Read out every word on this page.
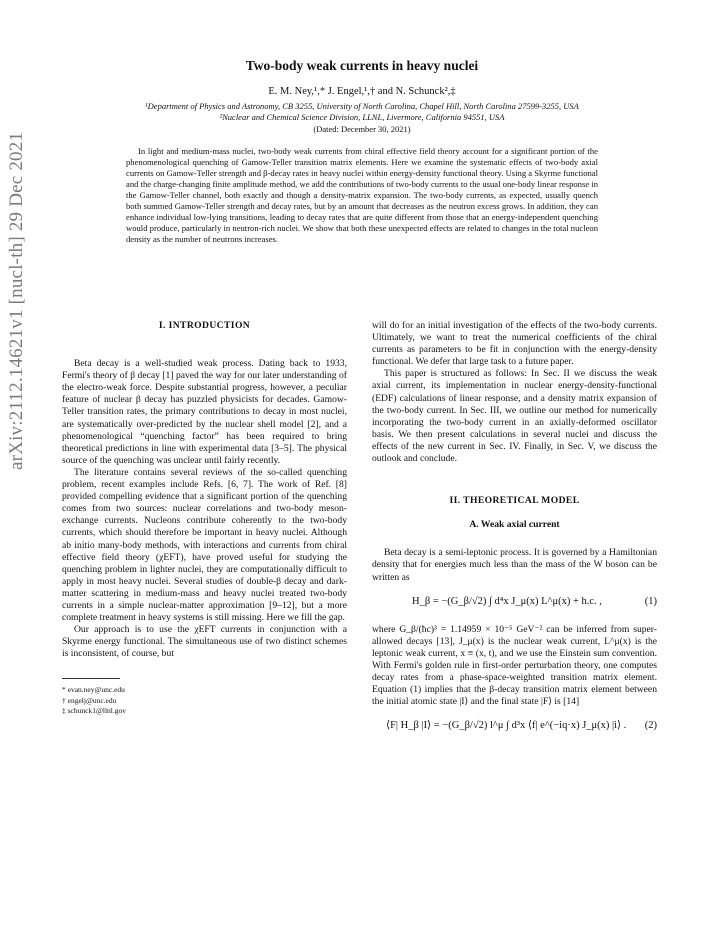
arXiv:2112.14621v1 [nucl-th] 29 Dec 2021
Two-body weak currents in heavy nuclei
E. M. Ney,¹,* J. Engel,¹,† and N. Schunck²,‡
¹Department of Physics and Astronomy, CB 3255, University of North Carolina, Chapel Hill, North Carolina 27599-3255, USA
²Nuclear and Chemical Science Division, LLNL, Livermore, California 94551, USA
(Dated: December 30, 2021)
In light and medium-mass nuclei, two-body weak currents from chiral effective field theory account for a significant portion of the phenomenological quenching of Gamow-Teller transition matrix elements. Here we examine the systematic effects of two-body axial currents on Gamow-Teller strength and β-decay rates in heavy nuclei within energy-density functional theory. Using a Skyrme functional and the charge-changing finite amplitude method, we add the contributions of two-body currents to the usual one-body linear response in the Gamow-Teller channel, both exactly and though a density-matrix expansion. The two-body currents, as expected, usually quench both summed Gamow-Teller strength and decay rates, but by an amount that decreases as the neutron excess grows. In addition, they can enhance individual low-lying transitions, leading to decay rates that are quite different from those that an energy-independent quenching would produce, particularly in neutron-rich nuclei. We show that both these unexpected effects are related to changes in the total nucleon density as the number of neutrons increases.
I. INTRODUCTION

Beta decay is a well-studied weak process. Dating back to 1933, Fermi's theory of β decay [1] paved the way for our later understanding of the electro-weak force. Despite substantial progress, however, a peculiar feature of nuclear β decay has puzzled physicists for decades. Gamow-Teller transition rates, the primary contributions to decay in most nuclei, are systematically over-predicted by the nuclear shell model [2], and a phenomenological “quenching factor” has been required to bring theoretical predictions in line with experimental data [3–5]. The physical source of the quenching was unclear until fairly recently.

The literature contains several reviews of the so-called quenching problem, recent examples include Refs. [6, 7]. The work of Ref. [8] provided compelling evidence that a significant portion of the quenching comes from two sources: nuclear correlations and two-body meson-exchange currents. Nucleons contribute coherently to the two-body currents, which should therefore be important in heavy nuclei. Although ab initio many-body methods, with interactions and currents from chiral effective field theory (χEFT), have proved useful for studying the quenching problem in lighter nuclei, they are computationally difficult to apply in most heavy nuclei. Several studies of double-β decay and dark-matter scattering in medium-mass and heavy nuclei treated two-body currents in a simple nuclear-matter approximation [9–12], but a more complete treatment in heavy systems is still missing. Here we fill the gap.

Our approach is to use the χEFT currents in conjunction with a Skyrme energy functional. The simultaneous use of two distinct schemes is inconsistent, of course, but

* evan.ney@unc.edu
† engelj@unc.edu
‡ schunck1@llnl.gov

will do for an initial investigation of the effects of the two-body currents. Ultimately, we want to treat the numerical coefficients of the chiral currents as parameters to be fit in conjunction with the energy-density functional. We defer that large task to a future paper.

This paper is structured as follows: In Sec. II we discuss the weak axial current, its implementation in nuclear energy-density-functional (EDF) calculations of linear response, and a density matrix expansion of the two-body current. In Sec. III, we outline our method for numerically incorporating the two-body current in an axially-deformed oscillator basis. We then present calculations in several nuclei and discuss the effects of the new current in Sec. IV. Finally, in Sec. V, we discuss the outlook and conclude.

II. THEORETICAL MODEL
A. Weak axial current

Beta decay is a semi-leptonic process. It is governed by a Hamiltonian density that for energies much less than the mass of the W boson can be written as

H_β = −(G_β/√2) ∫ d⁴x J_μ(x) L^μ(x) + h.c. ,	(1)

where G_β/(ħc)³ = 1.14959 × 10⁻⁵ GeV⁻² can be inferred from super-allowed decays [13], J_μ(x) is the nuclear weak current, L^μ(x) is the leptonic weak current, x ≡ (x, t), and we use the Einstein sum convention. With Fermi's golden rule in first-order perturbation theory, one computes decay rates from a phase-space-weighted transition matrix element. Equation (1) implies that the β-decay transition matrix element between the initial atomic state |I⟩ and the final state |F⟩ is [14]

⟨F| H_β |I⟩ = −(G_β/√2) l^μ ∫ d³x ⟨f| e^(−iq·x) J_μ(x) |i⟩ . (2)
